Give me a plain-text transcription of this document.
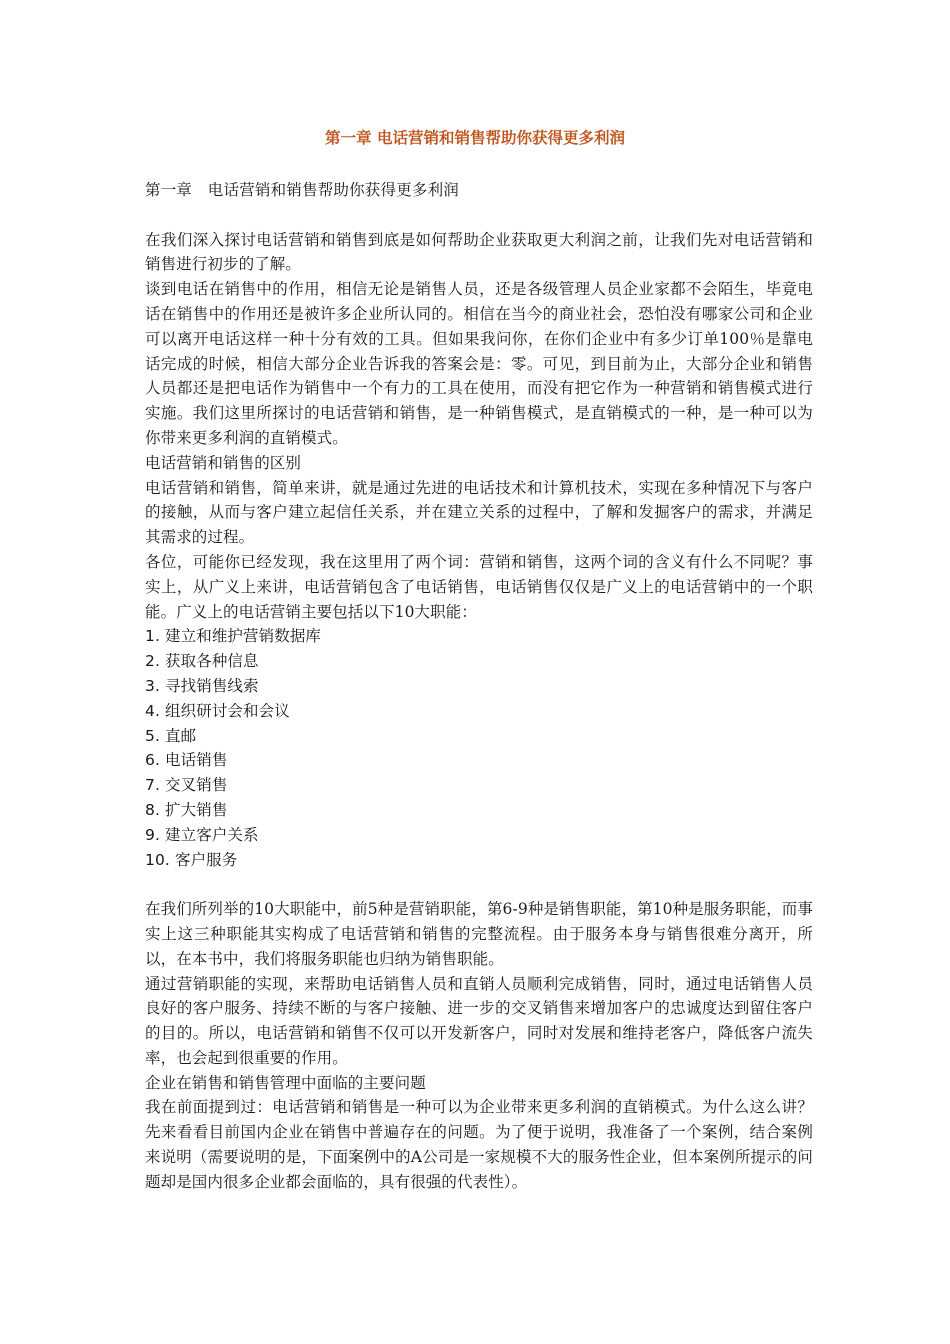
第一章 电话营销和销售帮助你获得更多利润

第一章　电话营销和销售帮助你获得更多利润

在我们深入探讨电话营销和销售到底是如何帮助企业获取更大利润之前，让我们先对电话营销和销售进行初步的了解。

谈到电话在销售中的作用，相信无论是销售人员，还是各级管理人员企业家都不会陌生，毕竟电话在销售中的作用还是被许多企业所认同的。相信在当今的商业社会，恐怕没有哪家公司和企业可以离开电话这样一种十分有效的工具。但如果我问你，在你们企业中有多少订单100％是靠电话完成的时候，相信大部分企业告诉我的答案会是：零。可见，到目前为止，大部分企业和销售人员都还是把电话作为销售中一个有力的工具在使用，而没有把它作为一种营销和销售模式进行实施。我们这里所探讨的电话营销和销售，是一种销售模式，是直销模式的一种，是一种可以为你带来更多利润的直销模式。

电话营销和销售的区别

电话营销和销售，简单来讲，就是通过先进的电话技术和计算机技术，实现在多种情况下与客户的接触，从而与客户建立起信任关系，并在建立关系的过程中，了解和发掘客户的需求，并满足其需求的过程。

各位，可能你已经发现，我在这里用了两个词：营销和销售，这两个词的含义有什么不同呢？事实上，从广义上来讲，电话营销包含了电话销售，电话销售仅仅是广义上的电话营销中的一个职能。广义上的电话营销主要包括以下10大职能：

1. 建立和维护营销数据库
2. 获取各种信息
3. 寻找销售线索
4. 组织研讨会和会议
5. 直邮
6. 电话销售
7. 交叉销售
8. 扩大销售
9. 建立客户关系
10. 客户服务

在我们所列举的10大职能中，前5种是营销职能，第6-9种是销售职能，第10种是服务职能，而事实上这三种职能其实构成了电话营销和销售的完整流程。由于服务本身与销售很难分离开，所以，在本书中，我们将服务职能也归纳为销售职能。

通过营销职能的实现，来帮助电话销售人员和直销人员顺利完成销售，同时，通过电话销售人员良好的客户服务、持续不断的与客户接触、进一步的交叉销售来增加客户的忠诚度达到留住客户的目的。所以，电话营销和销售不仅可以开发新客户，同时对发展和维持老客户，降低客户流失率，也会起到很重要的作用。

企业在销售和销售管理中面临的主要问题

我在前面提到过：电话营销和销售是一种可以为企业带来更多利润的直销模式。为什么这么讲？先来看看目前国内企业在销售中普遍存在的问题。为了便于说明，我准备了一个案例，结合案例来说明（需要说明的是，下面案例中的A公司是一家规模不大的服务性企业，但本案例所提示的问题却是国内很多企业都会面临的，具有很强的代表性）。
